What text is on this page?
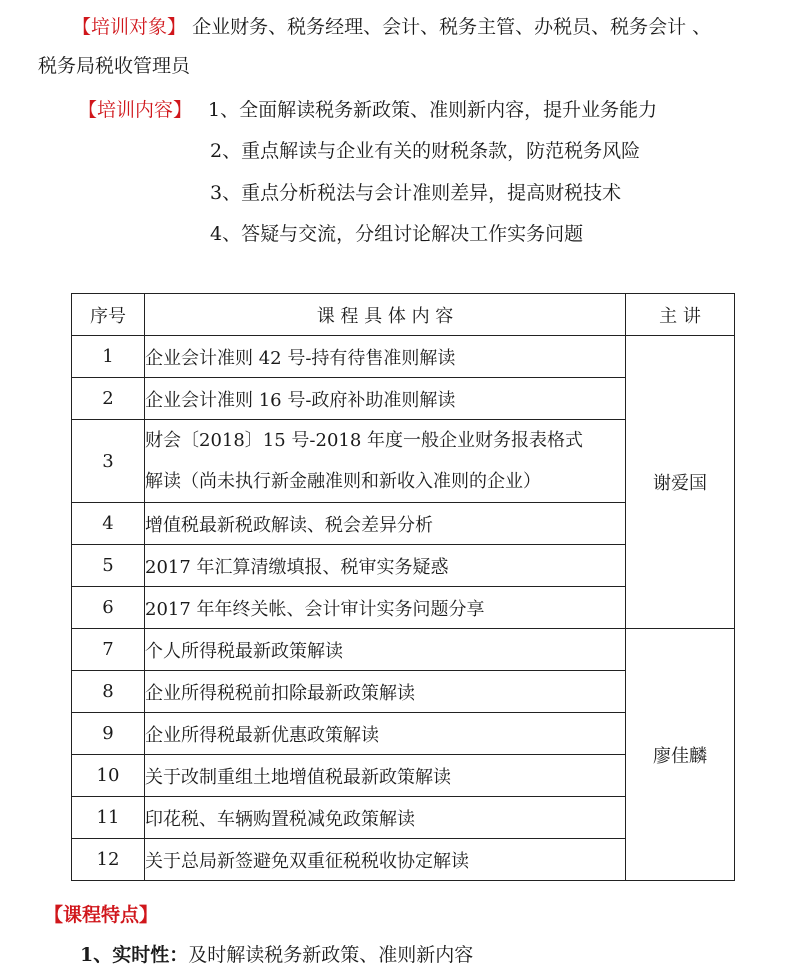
【培训对象】 企业财务、税务经理、会计、税务主管、办税员、税务会计 、
税务局税收管理员
【培训内容】 1、全面解读税务新政策、准则新内容，提升业务能力
2、重点解读与企业有关的财税条款，防范税务风险
3、重点分析税法与会计准则差异，提高财税技术
4、答疑与交流，分组讨论解决工作实务问题
序号	课 程 具 体 内 容	主 讲
1	企业会计准则 42 号-持有待售准则解读	谢爱国
2	企业会计准则 16 号-政府补助准则解读	
3	财会〔2018〕15 号-2018 年度一般企业财务报表格式
解读（尚未执行新金融准则和新收入准则的企业）	

4	增值税最新税政解读、税会差异分析	
5	2017 年汇算清缴填报、税审实务疑惑	
6	2017 年年终关帐、会计审计实务问题分享	
7	个人所得税最新政策解读	廖佳麟
8	企业所得税税前扣除最新政策解读	
9	企业所得税最新优惠政策解读	
10	关于改制重组土地增值税最新政策解读	
11	印花税、车辆购置税减免政策解读	
12	关于总局新签避免双重征税税收协定解读	
【课程特点】
1、实时性：及时解读税务新政策、准则新内容
